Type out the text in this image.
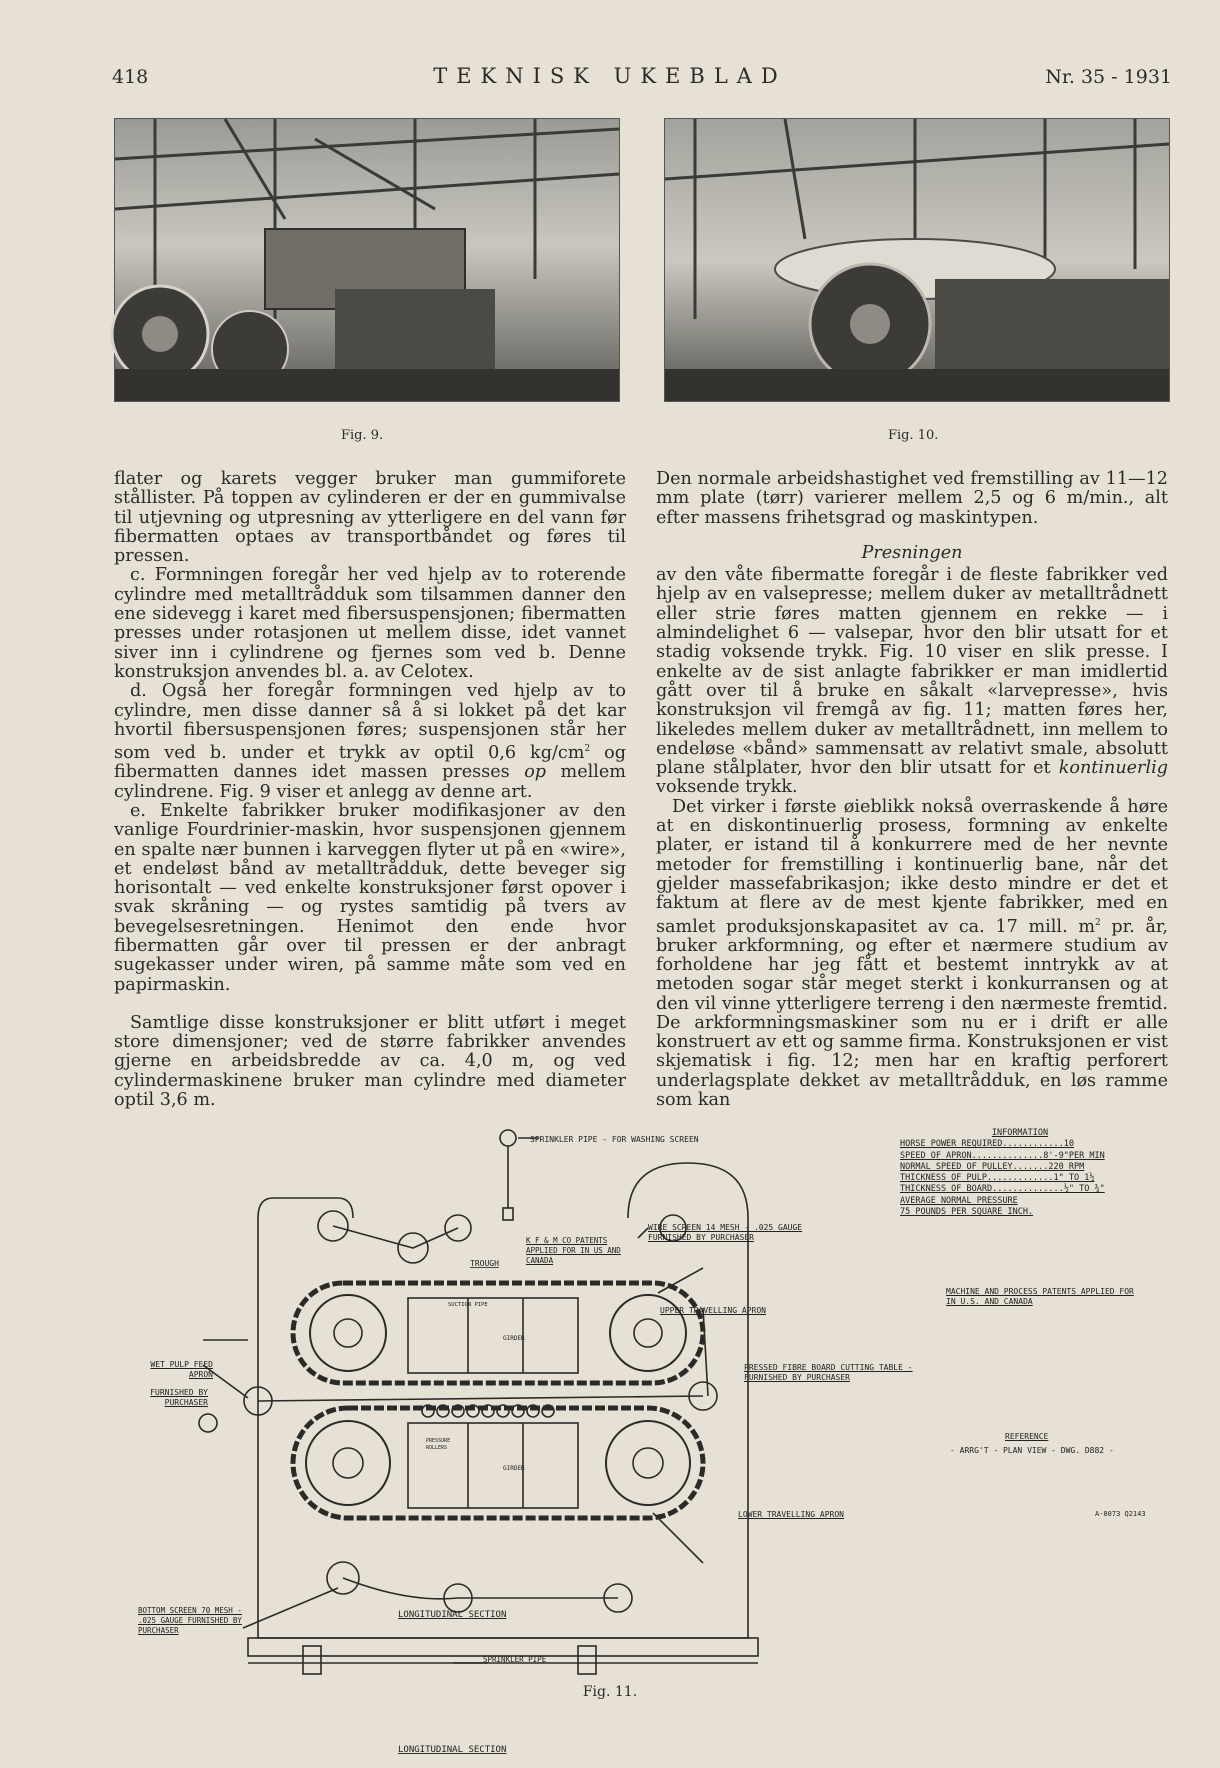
418	TEKNISK UKEBLAD	Nr. 35 - 1931
Fig. 9.	Fig. 10.

flater og karets vegger bruker man gummiforete stållister. På toppen av cylinderen er der en gummivalse til utjevning og utpresning av ytterligere en del vann før fibermatten optaes av transportbåndet og føres til pressen.

c. Formningen foregår her ved hjelp av to roterende cylindre med metalltrådduk som tilsammen danner den ene sidevegg i karet med fibersuspensjonen; fibermatten presses under rotasjonen ut mellem disse, idet vannet siver inn i cylindrene og fjernes som ved b. Denne konstruksjon anvendes bl. a. av Celotex.

d. Også her foregår formningen ved hjelp av to cylindre, men disse danner så å si lokket på det kar hvortil fibersuspensjonen føres; suspensjonen står her som ved b. under et trykk av optil 0,6 $kg/cm^2$ og fibermatten dannes idet massen presses op mellem cylindrene. Fig. 9 viser et anlegg av denne art.

e. Enkelte fabrikker bruker modifikasjoner av den vanlige Fourdrinier-maskin, hvor suspensjonen gjennem en spalte nær bunnen i karveggen flyter ut på en «wire», et endeløst bånd av metalltrådduk, dette beveger sig horisontalt — ved enkelte konstruksjoner først opover i svak skråning — og rystes samtidig på tvers av bevegelsesretningen. Henimot den ende hvor fibermatten går over til pressen er der anbragt sugekasser under wiren, på samme måte som ved en papirmaskin.

Samtlige disse konstruksjoner er blitt utført i meget store dimensjoner; ved de større fabrikker anvendes gjerne en arbeidsbredde av ca. 4,0 m, og ved cylindermaskinene bruker man cylindre med diameter optil 3,6 m.

Den normale arbeidshastighet ved fremstilling av 11—12 mm plate (tørr) varierer mellem 2,5 og 6 m/min., alt efter massens frihetsgrad og maskintypen.

Presningen

av den våte fibermatte foregår i de fleste fabrikker ved hjelp av en valsepresse; mellem duker av metalltrådnett eller strie føres matten gjennem en rekke — i almindelighet 6 — valsepar, hvor den blir utsatt for et stadig voksende trykk. Fig. 10 viser en slik presse. I enkelte av de sist anlagte fabrikker er man imidlertid gått over til å bruke en såkalt «larvepresse», hvis konstruksjon vil fremgå av fig. 11; matten føres her, likeledes mellem duker av metalltrådnett, inn mellem to endeløse «bånd» sammensatt av relativt smale, absolutt plane stålplater, hvor den blir utsatt for et kontinuerlig voksende trykk.

Det virker i første øieblikk nokså overraskende å høre at en diskontinuerlig prosess, formning av enkelte plater, er istand til å konkurrere med de her nevnte metoder for fremstilling i kontinuerlig bane, når det gjelder massefabrikasjon; ikke desto mindre er det et faktum at flere av de mest kjente fabrikker, med en samlet produksjonskapasitet av ca. 17 mill. $m^2$ pr. år, bruker arkformning, og efter et nærmere studium av forholdene har jeg fått et bestemt inntrykk av at metoden sogar står meget sterkt i konkurransen og at den vil vinne ytterligere terreng i den nærmeste fremtid. De arkformningsmaskiner som nu er i drift er alle konstruert av ett og samme firma. Konstruksjonen er vist skjematisk i fig. 12; men har en kraftig perforert underlagsplate dekket av metalltrådduk, en løs ramme som kan

SPRINKLER PIPE - FOR WASHING SCREEN
WIRE SCREEN 14 MESH - .025 GAUGE FURNISHED BY PURCHASER
K F & M CO PATENTS APPLIED FOR IN US AND CANADA
TROUGH
UPPER TRAVELLING APRON
SUCTION PIPE
GIRDER
GIRDER
PRESSURE ROLLERS
PRESSED FIBRE BOARD CUTTING TABLE - FURNISHED BY PURCHASER
WET PULP FEED APRON
FURNISHED BY PURCHASER
LOWER TRAVELLING APRON
BOTTOM SCREEN 70 MESH - .025 GAUGE FURNISHED BY PURCHASER
SPRINKLER PIPE
LONGITUDINAL SECTION
LONGITUDINAL SECTION
INFORMATION
HORSE POWER REQUIRED............10
SPEED OF APRON..............8'-9"PER MIN
NORMAL SPEED OF PULLEY.......220 RPM
THICKNESS OF PULP.............1" TO 1½
THICKNESS OF BOARD..............½" TO ¾"
AVERAGE NORMAL PRESSURE
75 POUNDS PER SQUARE INCH.
MACHINE AND PROCESS PATENTS APPLIED FOR IN U.S. AND CANADA
REFERENCE
- ARRG'T - PLAN VIEW - DWG. D882 -
A-8073 Q2143
Fig. 11.
